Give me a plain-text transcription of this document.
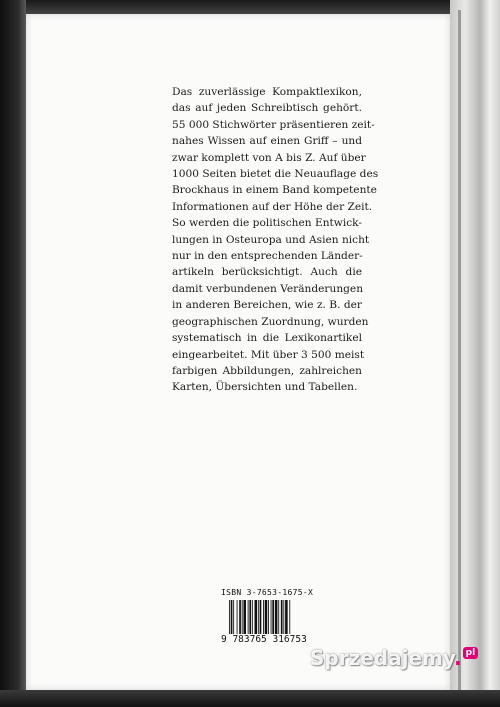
Das zuverlässige Kompaktlexikon,
das auf jeden Schreibtisch gehört.
55 000 Stichwörter präsentieren zeit-
nahes Wissen auf einen Griff – und
zwar komplett von A bis Z. Auf über
1000 Seiten bietet die Neuauflage des
Brockhaus in einem Band kompetente
Informationen auf der Höhe der Zeit.
So werden die politischen Entwick-
lungen in Osteuropa und Asien nicht
nur in den entsprechenden Länder-
artikeln berücksichtigt. Auch die
damit verbundenen Veränderungen
in anderen Bereichen, wie z. B. der
geographischen Zuordnung, wurden
systematisch in die Lexikonartikel
eingearbeitet. Mit über 3 500 meist
farbigen Abbildungen, zahlreichen
Karten, Übersichten und Tabellen.

ISBN 3-7653-1675-X
9 783765 316753
Sprzedajemy. pl
